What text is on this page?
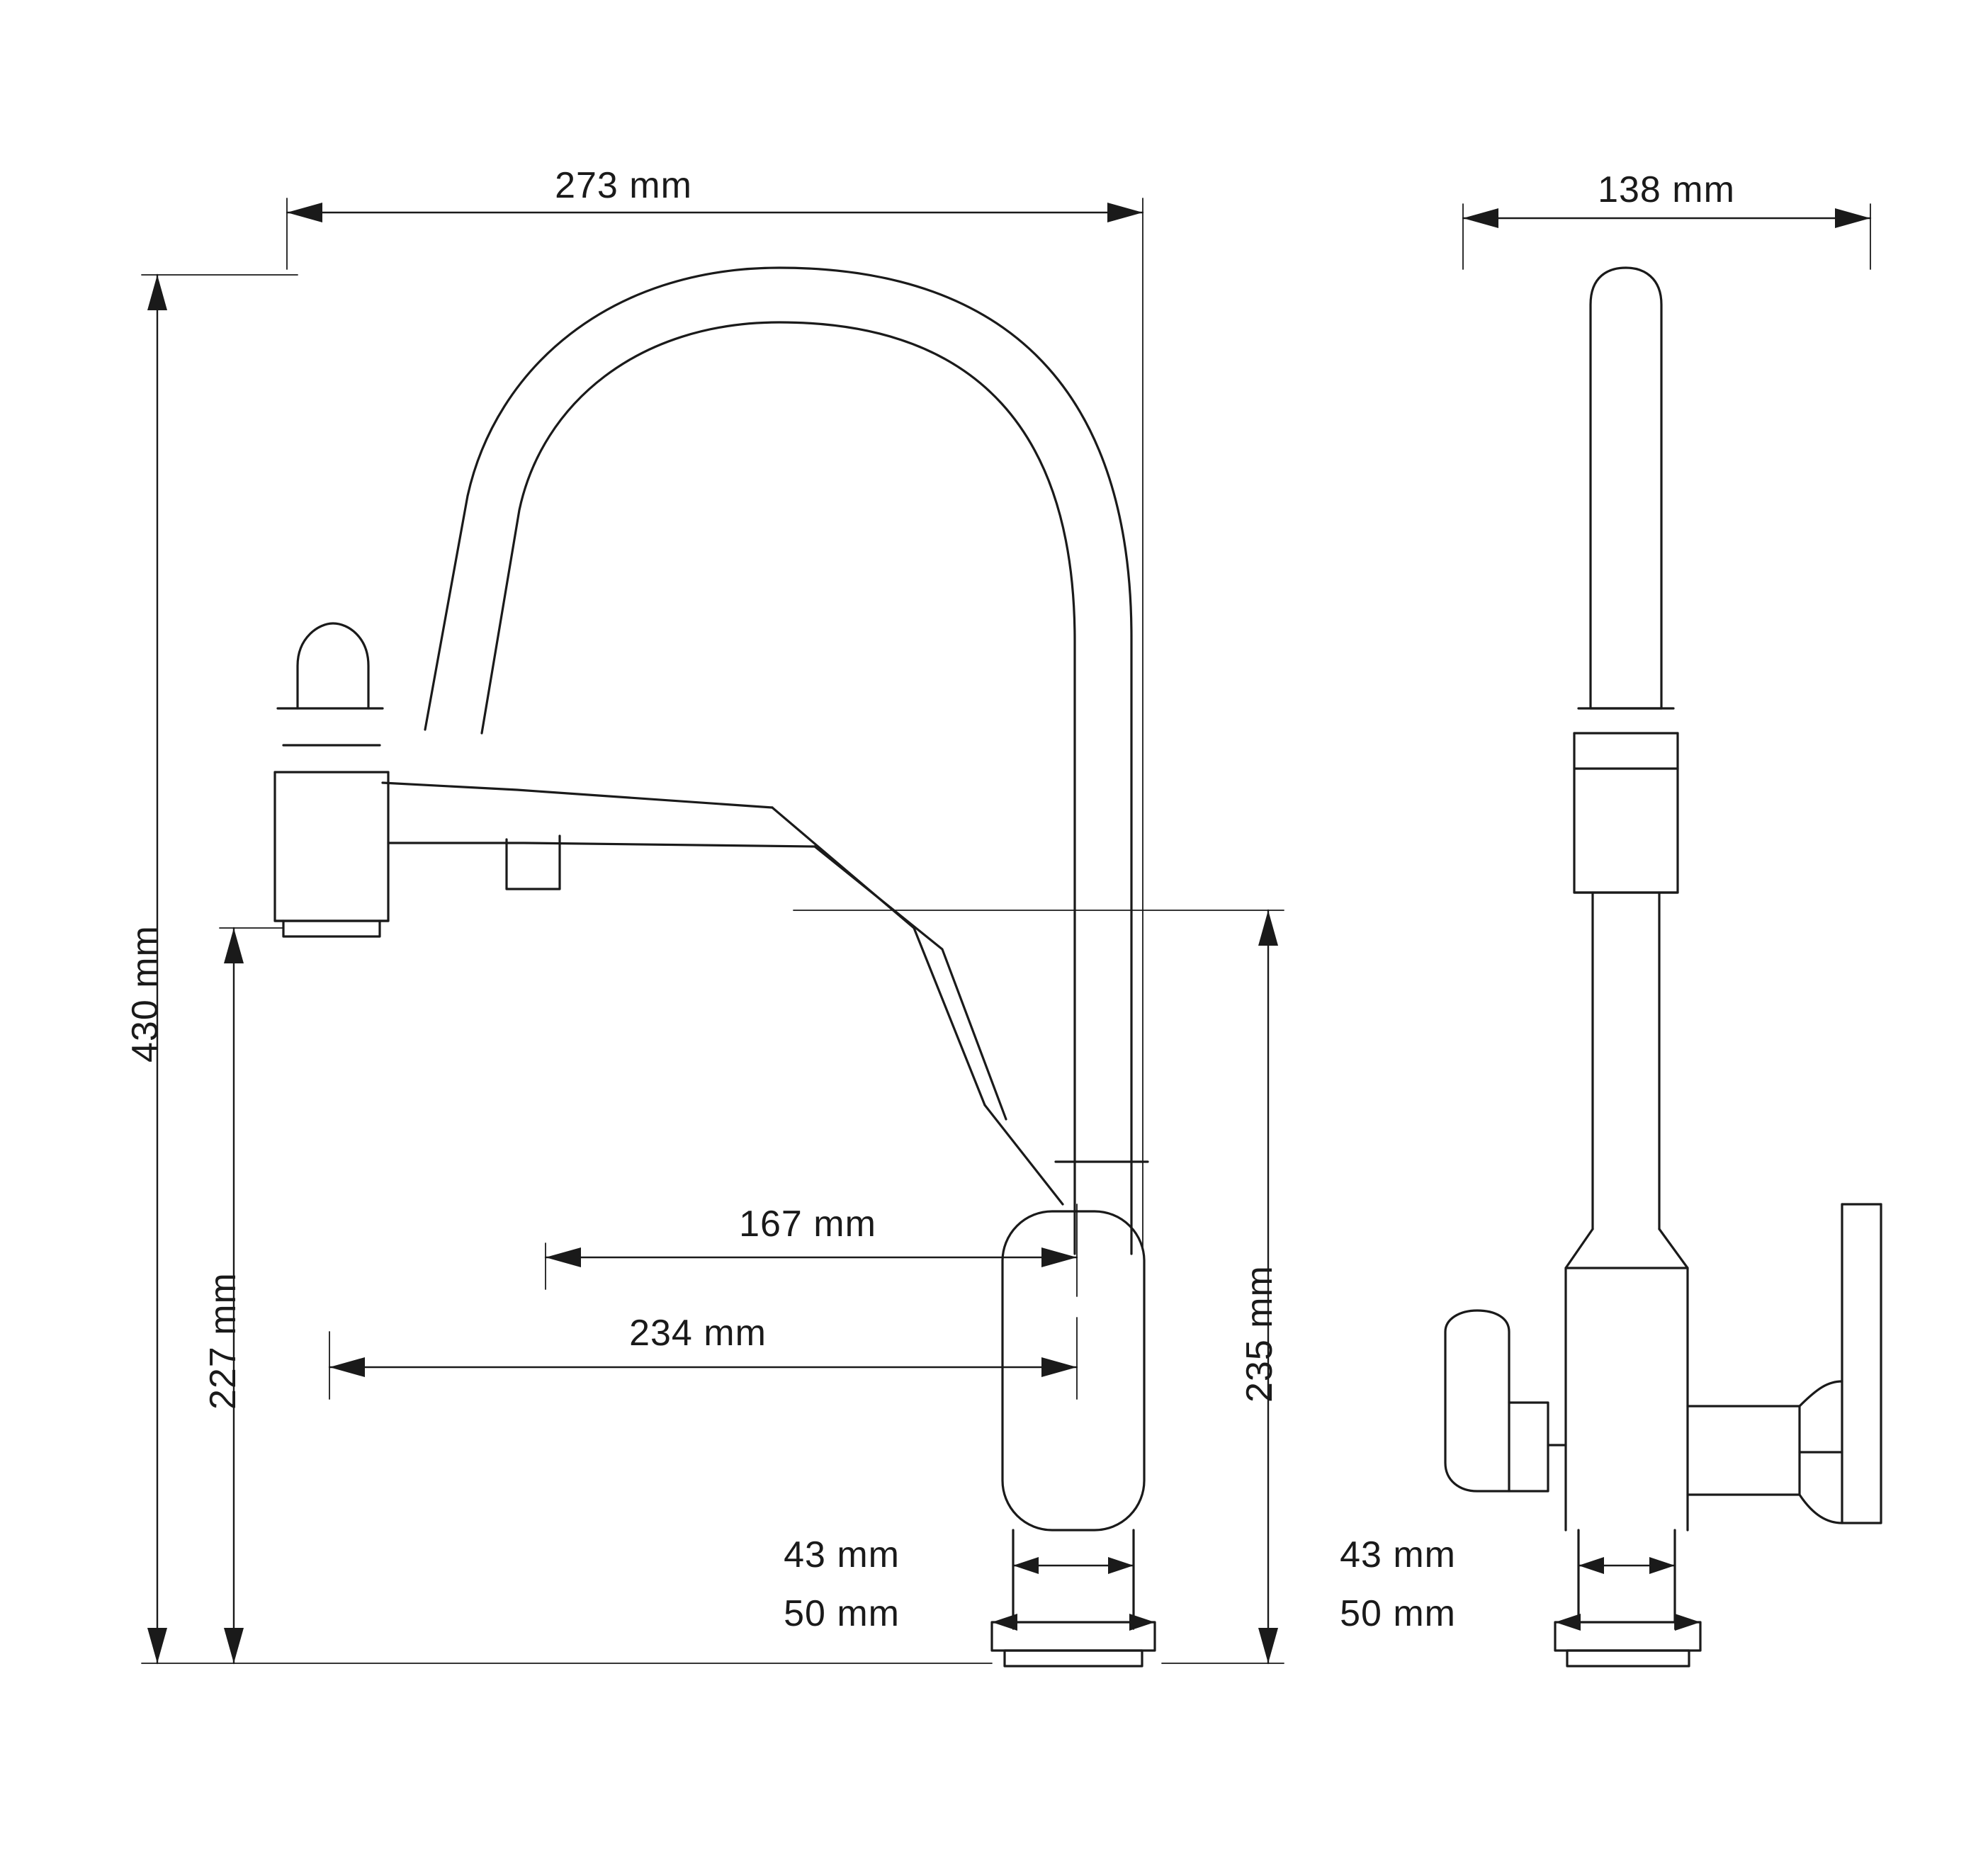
273 mm
430 mm
227 mm
167 mm
234 mm	235 mm
43 mm
50 mm
138 mm
43 mm
50 mm
